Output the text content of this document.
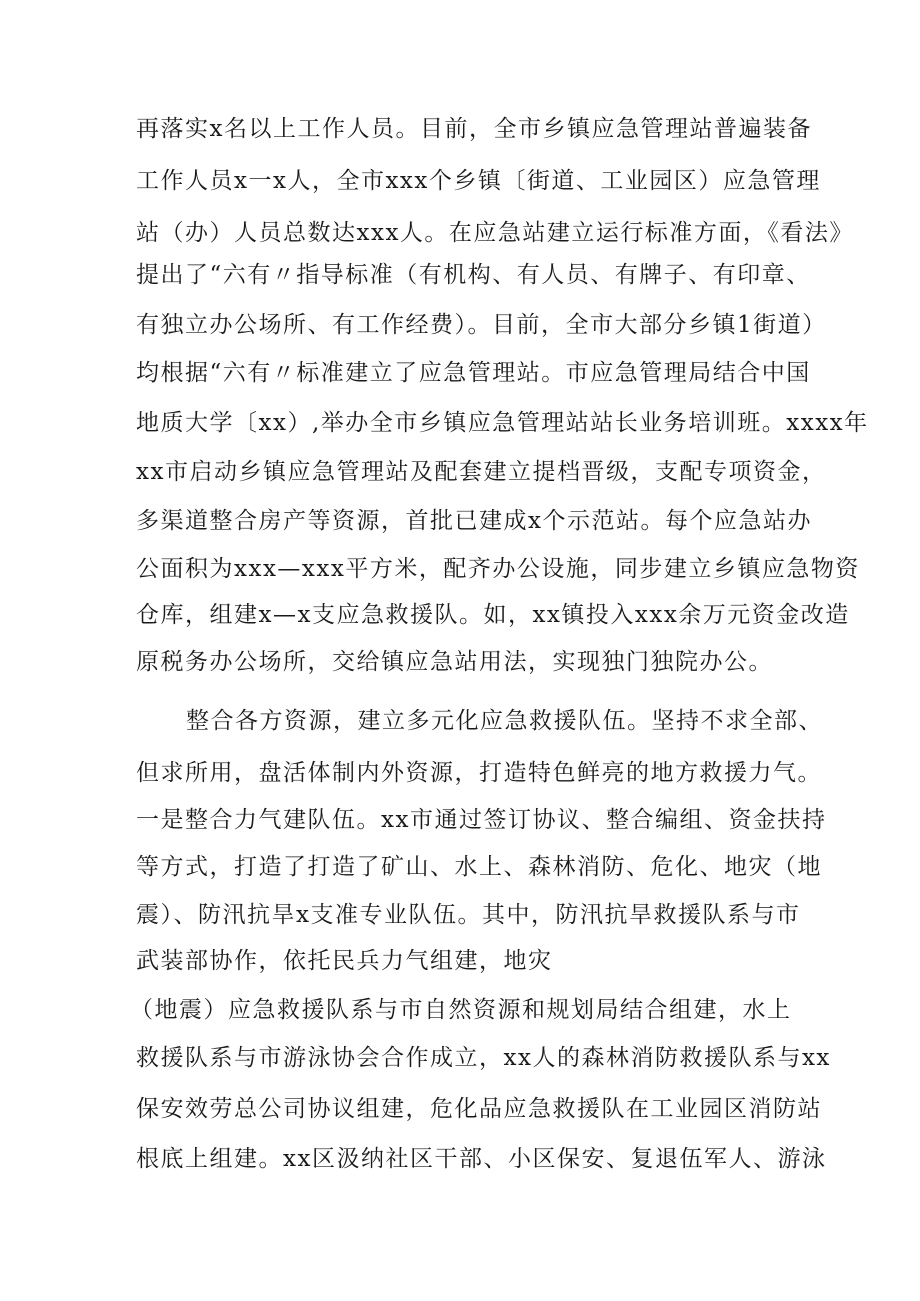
再落实x名以上工作人员。目前，全市乡镇应急管理站普遍装备
工作人员x一x人，全市xxx个乡镇〔街道、工业园区）应急管理
站（办）人员总数达xxx人。在应急站建立运行标准方面，《看法》
提出了“六有〃指导标准（有机构、有人员、有牌子、有印章、
有独立办公场所、有工作经费）。目前，全市大部分乡镇1街道）
均根据“六有〃标准建立了应急管理站。市应急管理局结合中国
地质大学〔xx）,举办全市乡镇应急管理站站长业务培训班。xxxx年
xx市启动乡镇应急管理站及配套建立提档晋级，支配专项资金，
多渠道整合房产等资源，首批已建成x个示范站。每个应急站办
公面积为xxx—xxx平方米，配齐办公设施，同步建立乡镇应急物资
仓库，组建x—x支应急救援队。如，xx镇投入xxx余万元资金改造
原税务办公场所，交给镇应急站用法，实现独门独院办公。
整合各方资源，建立多元化应急救援队伍。坚持不求全部、
但求所用，盘活体制内外资源，打造特色鲜亮的地方救援力气。
一是整合力气建队伍。xx市通过签订协议、整合编组、资金扶持
等方式，打造了打造了矿山、水上、森林消防、危化、地灾（地
震）、防汛抗旱x支准专业队伍。其中，防汛抗旱救援队系与市
武装部协作，依托民兵力气组建，地灾
（地震）应急救援队系与市自然资源和规划局结合组建，水上
救援队系与市游泳协会合作成立，xx人的森林消防救援队系与xx
保安效劳总公司协议组建，危化品应急救援队在工业园区消防站
根底上组建。xx区汲纳社区干部、小区保安、复退伍军人、游泳
